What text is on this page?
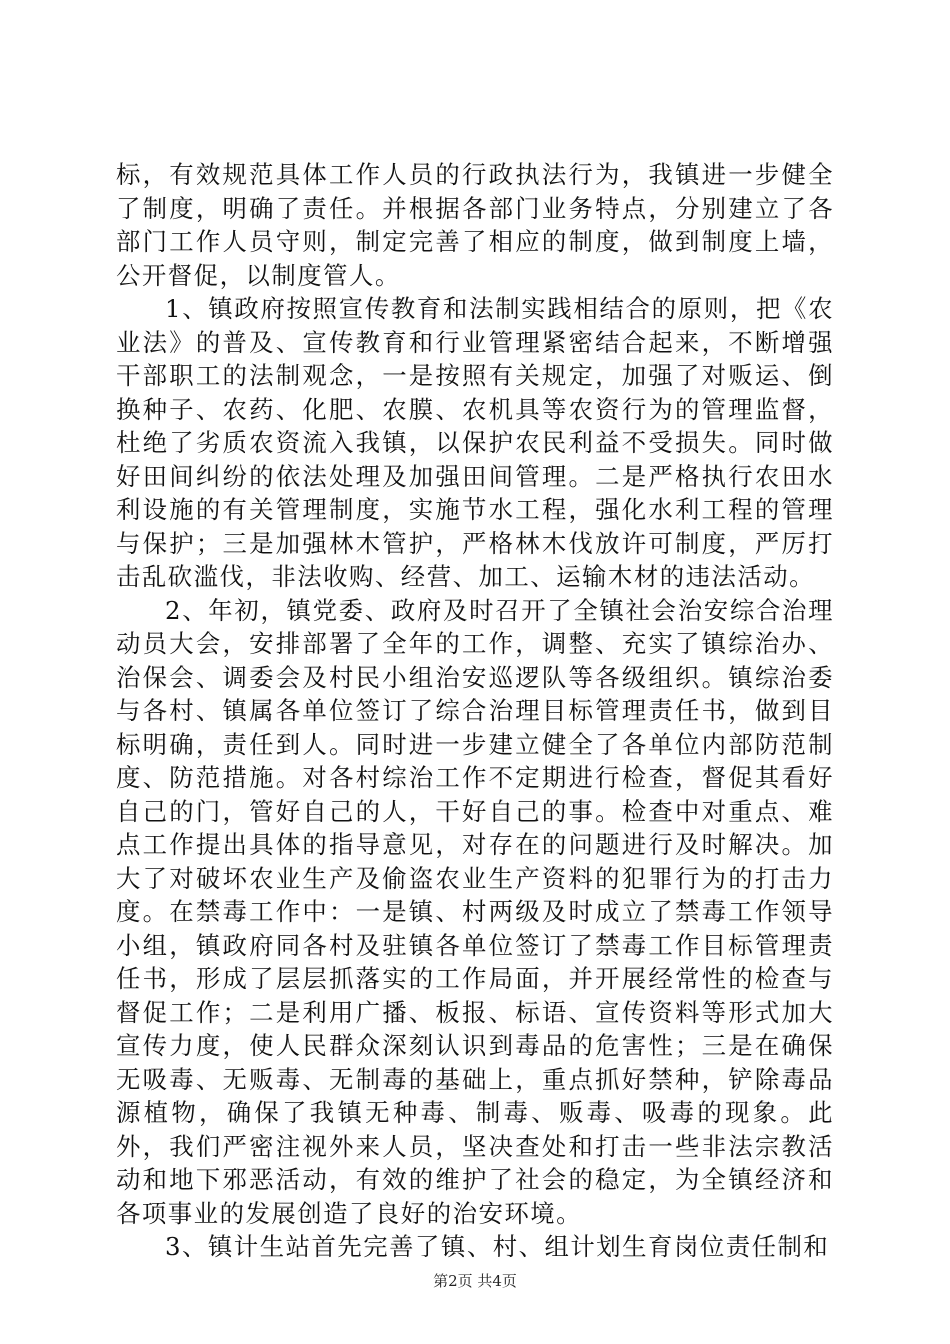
标，有效规范具体工作人员的行政执法行为，我镇进一步健全了制度，明确了责任。并根据各部门业务特点，分别建立了各部门工作人员守则，制定完善了相应的制度，做到制度上墙，公开督促，以制度管人。

1、镇政府按照宣传教育和法制实践相结合的原则，把《农业法》的普及、宣传教育和行业管理紧密结合起来，不断增强干部职工的法制观念，一是按照有关规定，加强了对贩运、倒换种子、农药、化肥、农膜、农机具等农资行为的管理监督，杜绝了劣质农资流入我镇，以保护农民利益不受损失。同时做好田间纠纷的依法处理及加强田间管理。二是严格执行农田水利设施的有关管理制度，实施节水工程，强化水利工程的管理与保护；三是加强林木管护，严格林木伐放许可制度，严厉打击乱砍滥伐，非法收购、经营、加工、运输木材的违法活动。

2、年初，镇党委、政府及时召开了全镇社会治安综合治理动员大会，安排部署了全年的工作，调整、充实了镇综治办、治保会、调委会及村民小组治安巡逻队等各级组织。镇综治委与各村、镇属各单位签订了综合治理目标管理责任书，做到目标明确，责任到人。同时进一步建立健全了各单位内部防范制度、防范措施。对各村综治工作不定期进行检查，督促其看好自己的门，管好自己的人，干好自己的事。检查中对重点、难点工作提出具体的指导意见，对存在的问题进行及时解决。加大了对破坏农业生产及偷盗农业生产资料的犯罪行为的打击力度。在禁毒工作中：一是镇、村两级及时成立了禁毒工作领导小组，镇政府同各村及驻镇各单位签订了禁毒工作目标管理责任书，形成了层层抓落实的工作局面，并开展经常性的检查与督促工作；二是利用广播、板报、标语、宣传资料等形式加大宣传力度，使人民群众深刻认识到毒品的危害性；三是在确保无吸毒、无贩毒、无制毒的基础上，重点抓好禁种，铲除毒品源植物，确保了我镇无种毒、制毒、贩毒、吸毒的现象。此外，我们严密注视外来人员，坚决查处和打击一些非法宗教活动和地下邪恶活动，有效的维护了社会的稳定，为全镇经济和各项事业的发展创造了良好的治安环境。

3、镇计生站首先完善了镇、村、组计划生育岗位责任制和

第2页 共4页
